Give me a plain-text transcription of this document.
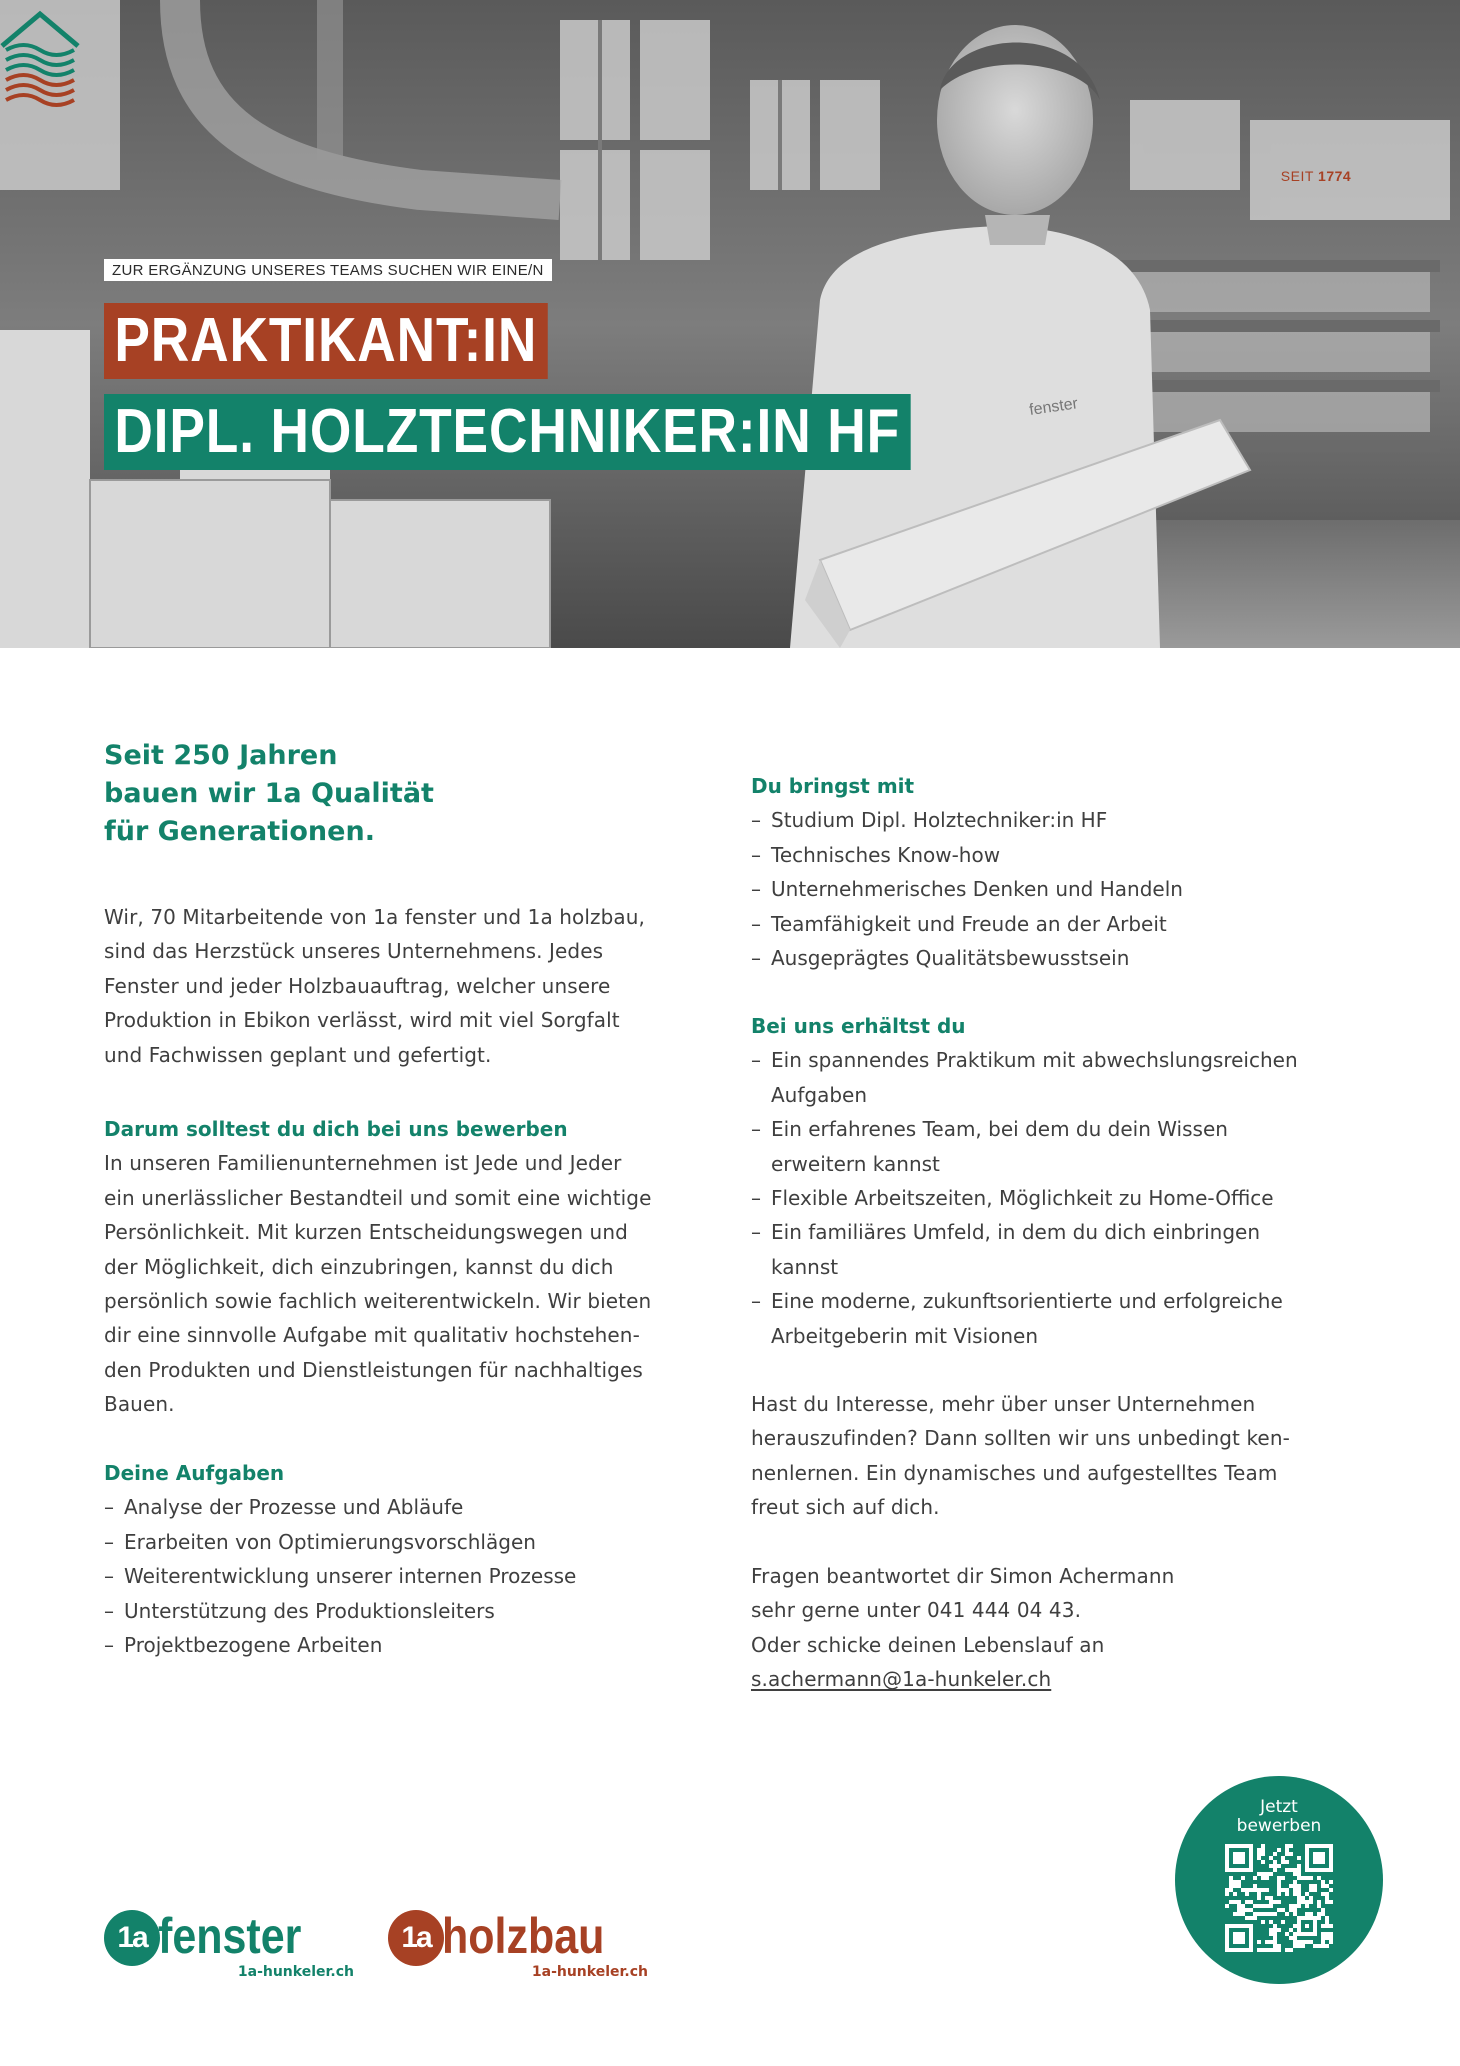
fenster
ZUR ERGÄNZUNG UNSERES TEAMS SUCHEN WIR EINE/N
PRAKTIKANT:IN
DIPL. HOLZTECHNIKER:IN HF
SEIT 1774
Seit 250 Jahren
bauen wir 1a Qualität
für Generationen.
Wir, 70 Mitarbeitende von 1a fenster und 1a holzbau,
sind das Herzstück unseres Unternehmens. Jedes
Fenster und jeder Holzbauauftrag, welcher unsere
Produktion in Ebikon verlässt, wird mit viel Sorgfalt
und Fachwissen geplant und gefertigt.
Darum solltest du dich bei uns bewerben
In unseren Familienunternehmen ist Jede und Jeder
ein unerlässlicher Bestandteil und somit eine wichtige
Persönlichkeit. Mit kurzen Entscheidungswegen und
der Möglichkeit, dich einzubringen, kannst du dich
persönlich sowie fachlich weiterentwickeln. Wir bieten
dir eine sinnvolle Aufgabe mit qualitativ hochstehen-
den Produkten und Dienstleistungen für nachhaltiges
Bauen.
Deine Aufgaben
– Analyse der Prozesse und Abläufe
– Erarbeiten von Optimierungsvorschlägen
– Weiterentwicklung unserer internen Prozesse
– Unterstützung des Produktionsleiters
– Projektbezogene Arbeiten
Du bringst mit
– Studium Dipl. Holztechniker:in HF
– Technisches Know-how
– Unternehmerisches Denken und Handeln
– Teamfähigkeit und Freude an der Arbeit
– Ausgeprägtes Qualitätsbewusstsein
Bei uns erhältst du
– Ein spannendes Praktikum mit abwechslungsreichen
Aufgaben
– Ein erfahrenes Team, bei dem du dein Wissen
erweitern kannst
– Flexible Arbeitszeiten, Möglichkeit zu Home-Office
– Ein familiäres Umfeld, in dem du dich einbringen
kannst
– Eine moderne, zukunftsorientierte und erfolgreiche
Arbeitgeberin mit Visionen
Hast du Interesse, mehr über unser Unternehmen
herauszufinden? Dann sollten wir uns unbedingt ken-
nenlernen. Ein dynamisches und aufgestelltes Team
freut sich auf dich.
Fragen beantwortet dir Simon Achermann
sehr gerne unter 041 444 04 43.
Oder schicke deinen Lebenslauf an
s.achermann@1a-hunkeler.ch
1a fenster
1a-hunkeler.ch
1a holzbau
1a-hunkeler.ch
Jetzt
bewerben
